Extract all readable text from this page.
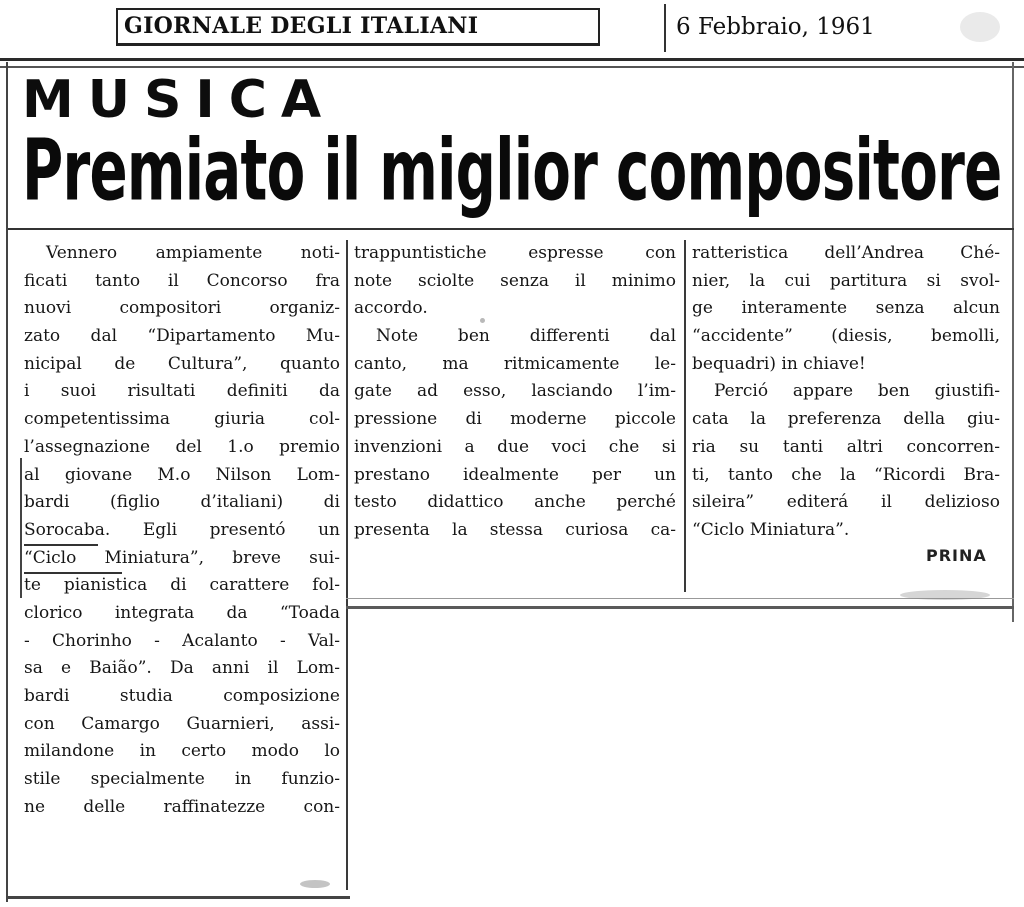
GIORNALE DEGLI ITALIANI	6 Febbraio, 1961
MUSICA
Premiato il miglior compositore
Vennero ampiamente noti-
ficati tanto il Concorso fra
nuovi compositori organiz-
zato dal “Dipartamento Mu-
nicipal de Cultura”, quanto
i suoi risultati definiti da
competentissima giuria col-
l’assegnazione del 1.o premio
al giovane M.o Nilson Lom-
bardi (figlio d’italiani) di
Sorocaba. Egli presentó un
“Ciclo Miniatura”, breve sui-
te pianistica di carattere fol-
clorico integrata da “Toada
- Chorinho - Acalanto - Val-
sa e Baião”. Da anni il Lom-
bardi studia composizione
con Camargo Guarnieri, assi-
milandone in certo modo lo
stile specialmente in funzio-
ne delle raffinatezze con-
trappuntistiche espresse con
note sciolte senza il minimo
accordo.
Note ben differenti dal
canto, ma ritmicamente le-
gate ad esso, lasciando l’im-
pressione di moderne piccole
invenzioni a due voci che si
prestano idealmente per un
testo didattico anche perché
presenta la stessa curiosa ca-
ratteristica dell’Andrea Ché-
nier, la cui partitura si svol-
ge interamente senza alcun
“accidente” (diesis, bemolli,
bequadri) in chiave!
Perció appare ben giustifi-
cata la preferenza della giu-
ria su tanti altri concorren-
ti, tanto che la “Ricordi Bra-
sileira” editerá il delizioso
“Ciclo Miniatura”.
PRINA
